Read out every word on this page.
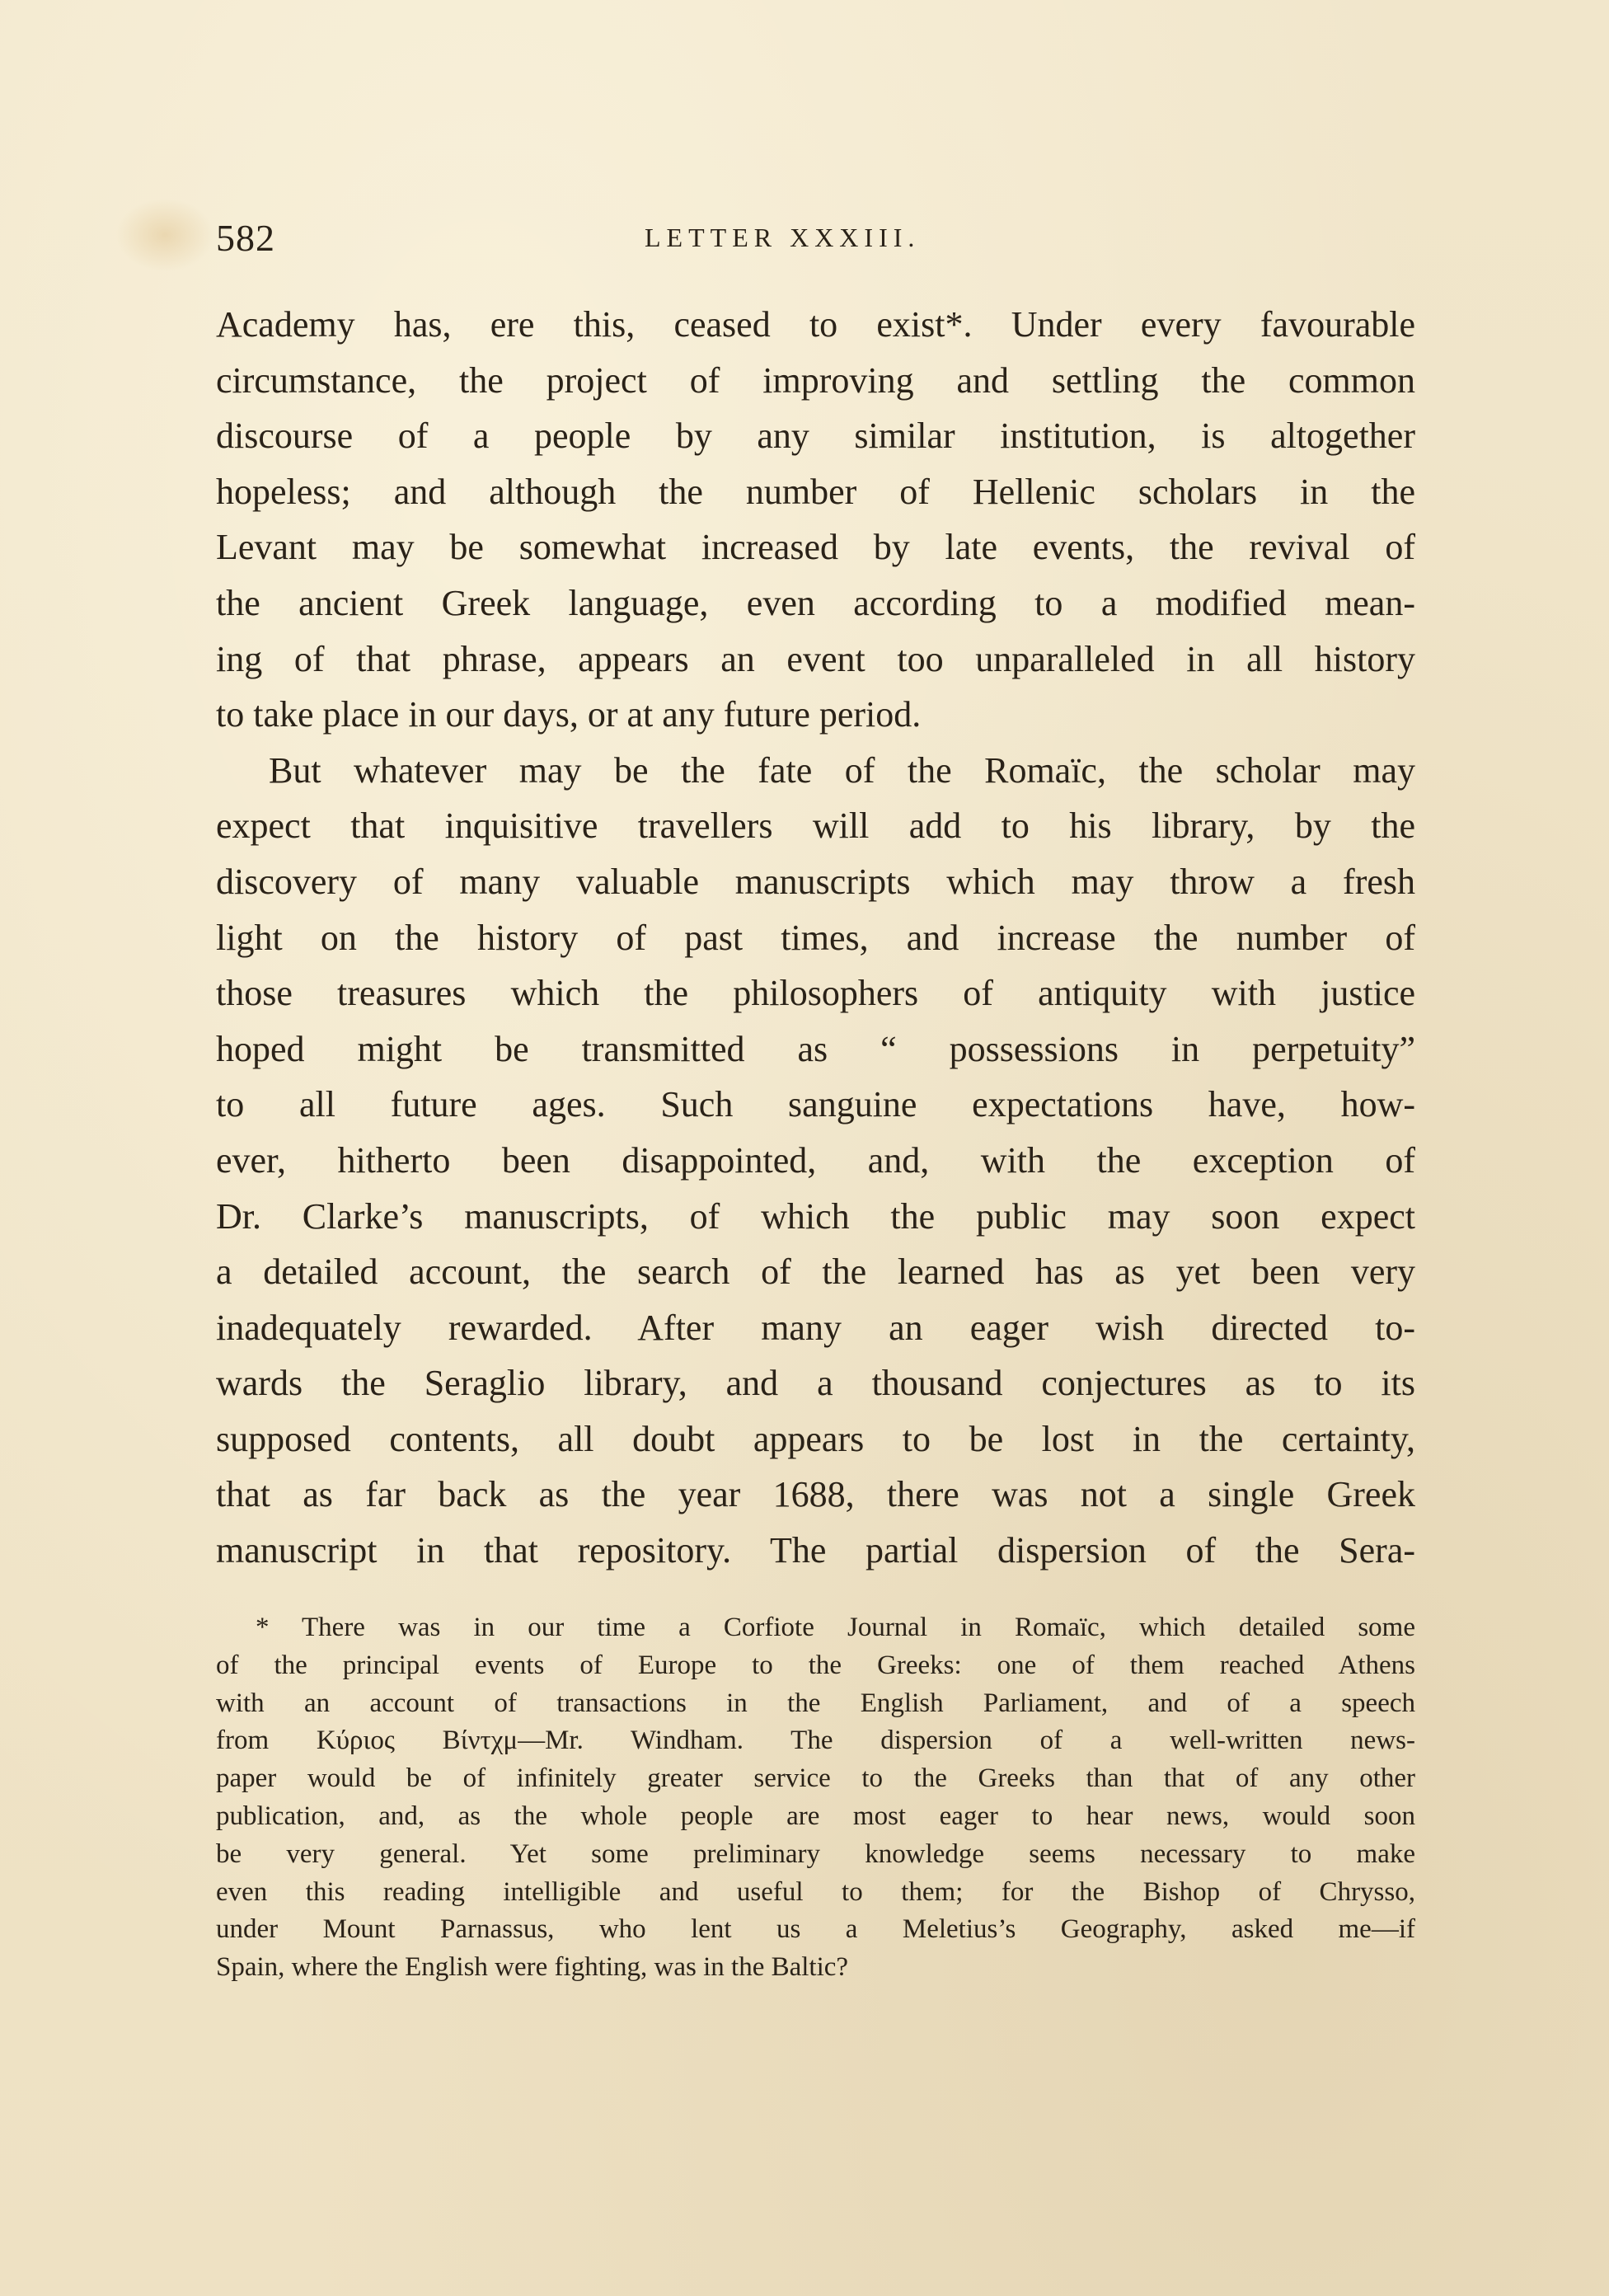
582	LETTER XXXIII.
Academy has, ere this, ceased to exist*. Under every favourable
circumstance, the project of improving and settling the common
discourse of a people by any similar institution, is altogether
hopeless; and although the number of Hellenic scholars in the
Levant may be somewhat increased by late events, the revival of
the ancient Greek language, even according to a modified mean-
ing of that phrase, appears an event too unparalleled in all history
to take place in our days, or at any future period.
But whatever may be the fate of the Romaïc, the scholar may
expect that inquisitive travellers will add to his library, by the
discovery of many valuable manuscripts which may throw a fresh
light on the history of past times, and increase the number of
those treasures which the philosophers of antiquity with justice
hoped might be transmitted as “ possessions in perpetuity”
to all future ages. Such sanguine expectations have, how-
ever, hitherto been disappointed, and, with the exception of
Dr. Clarke’s manuscripts, of which the public may soon expect
a detailed account, the search of the learned has as yet been very
inadequately rewarded. After many an eager wish directed to-
wards the Seraglio library, and a thousand conjectures as to its
supposed contents, all doubt appears to be lost in the certainty,
that as far back as the year 1688, there was not a single Greek
manuscript in that repository. The partial dispersion of the Sera-
* There was in our time a Corfiote Journal in Romaïc, which detailed some
of the principal events of Europe to the Greeks: one of them reached Athens
with an account of transactions in the English Parliament, and of a speech
from Κύριος Βίντχμ—Mr. Windham. The dispersion of a well-written news-
paper would be of infinitely greater service to the Greeks than that of any other
publication, and, as the whole people are most eager to hear news, would soon
be very general. Yet some preliminary knowledge seems necessary to make
even this reading intelligible and useful to them; for the Bishop of Chrysso,
under Mount Parnassus, who lent us a Meletius’s Geography, asked me—if
Spain, where the English were fighting, was in the Baltic?
